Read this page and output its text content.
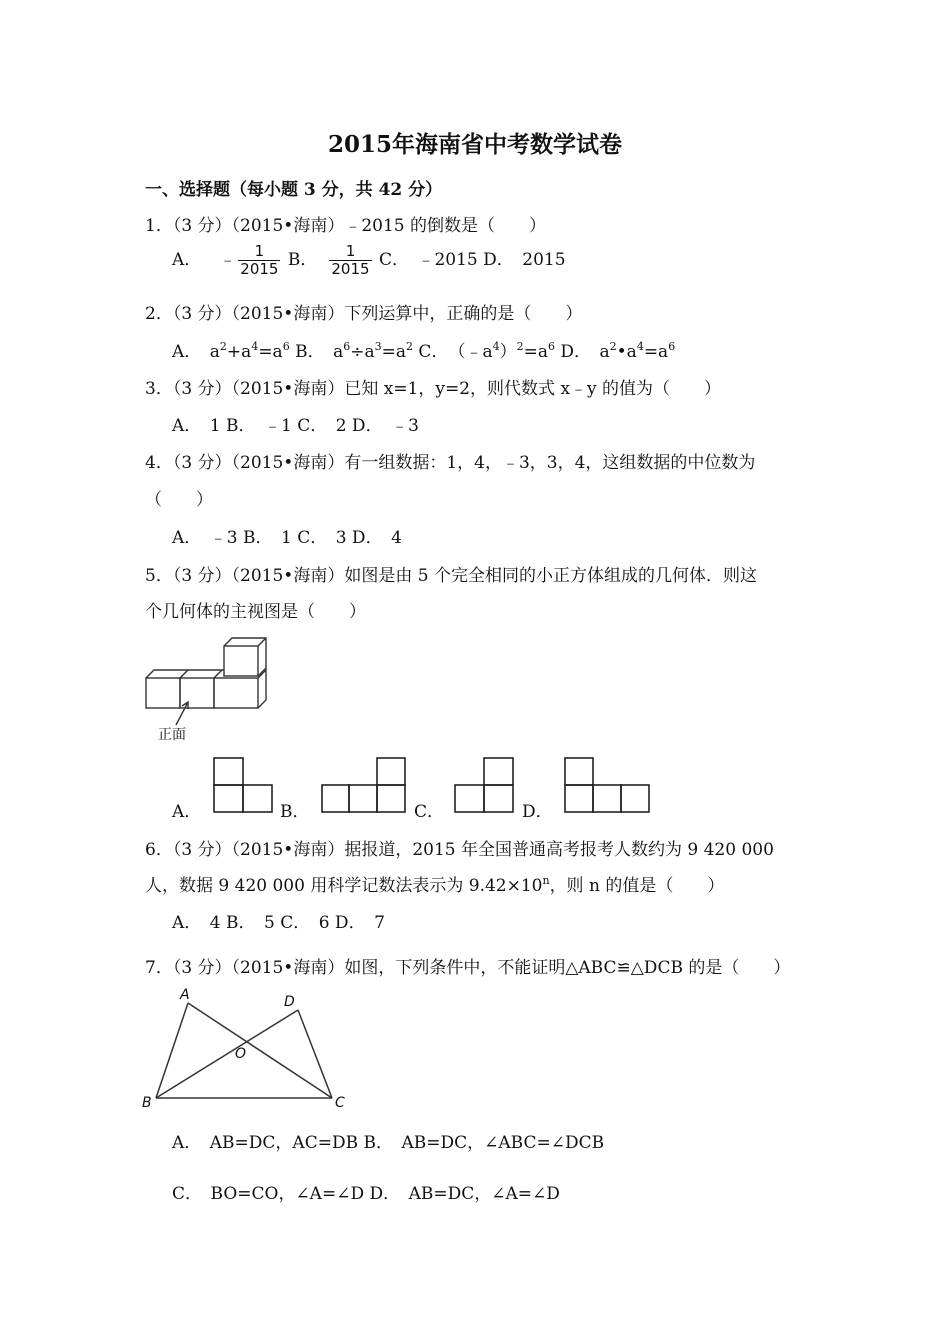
2015年海南省中考数学试卷
一、选择题（每小题 3 分，共 42 分）
1．（3 分）（2015•海南）﹣2015 的倒数是（　　）
A． ﹣ $\frac{1}{2015}$ B． $\frac{1}{2015}$ C．　﹣2015 D．　2015
2．（3 分）（2015•海南）下列运算中，正确的是（　　）
A．　$a^2+a^4=a^6$ B．　$a^6\div a^3=a^2$ C．　$(﹣a^4)^2=a^6$ D．　$a^2•a^4=a^6$
3．（3 分）（2015•海南）已知 x=1，y=2，则代数式 x﹣y 的值为（　　）
A．　1 B．　﹣1 C．　2 D．　﹣3
4．（3 分）（2015•海南）有一组数据：1，4，﹣3，3，4，这组数据的中位数为
（　　）
A．　﹣3 B．　1 C．　3 D．　4
5．（3 分）（2015•海南）如图是由 5 个完全相同的小正方体组成的几何体．则这
个几何体的主视图是（　　）
正面
A．	B．	C．	D．
6．（3 分）（2015•海南）据报道，2015 年全国普通高考报考人数约为 9 420 000
人，数据 9 420 000 用科学记数法表示为 $9.42\times 10^n$，则 n 的值是（　　）
A．　4 B．　5 C．　6 D．　7
7．（3 分）（2015•海南）如图，下列条件中，不能证明△ABC≌△DCB 的是（　　）
A	D
O
B	C
A．　AB=DC，AC=DB B．　AB=DC，∠ABC=∠DCB
C．　BO=CO，∠A=∠D D．　AB=DC，∠A=∠D
